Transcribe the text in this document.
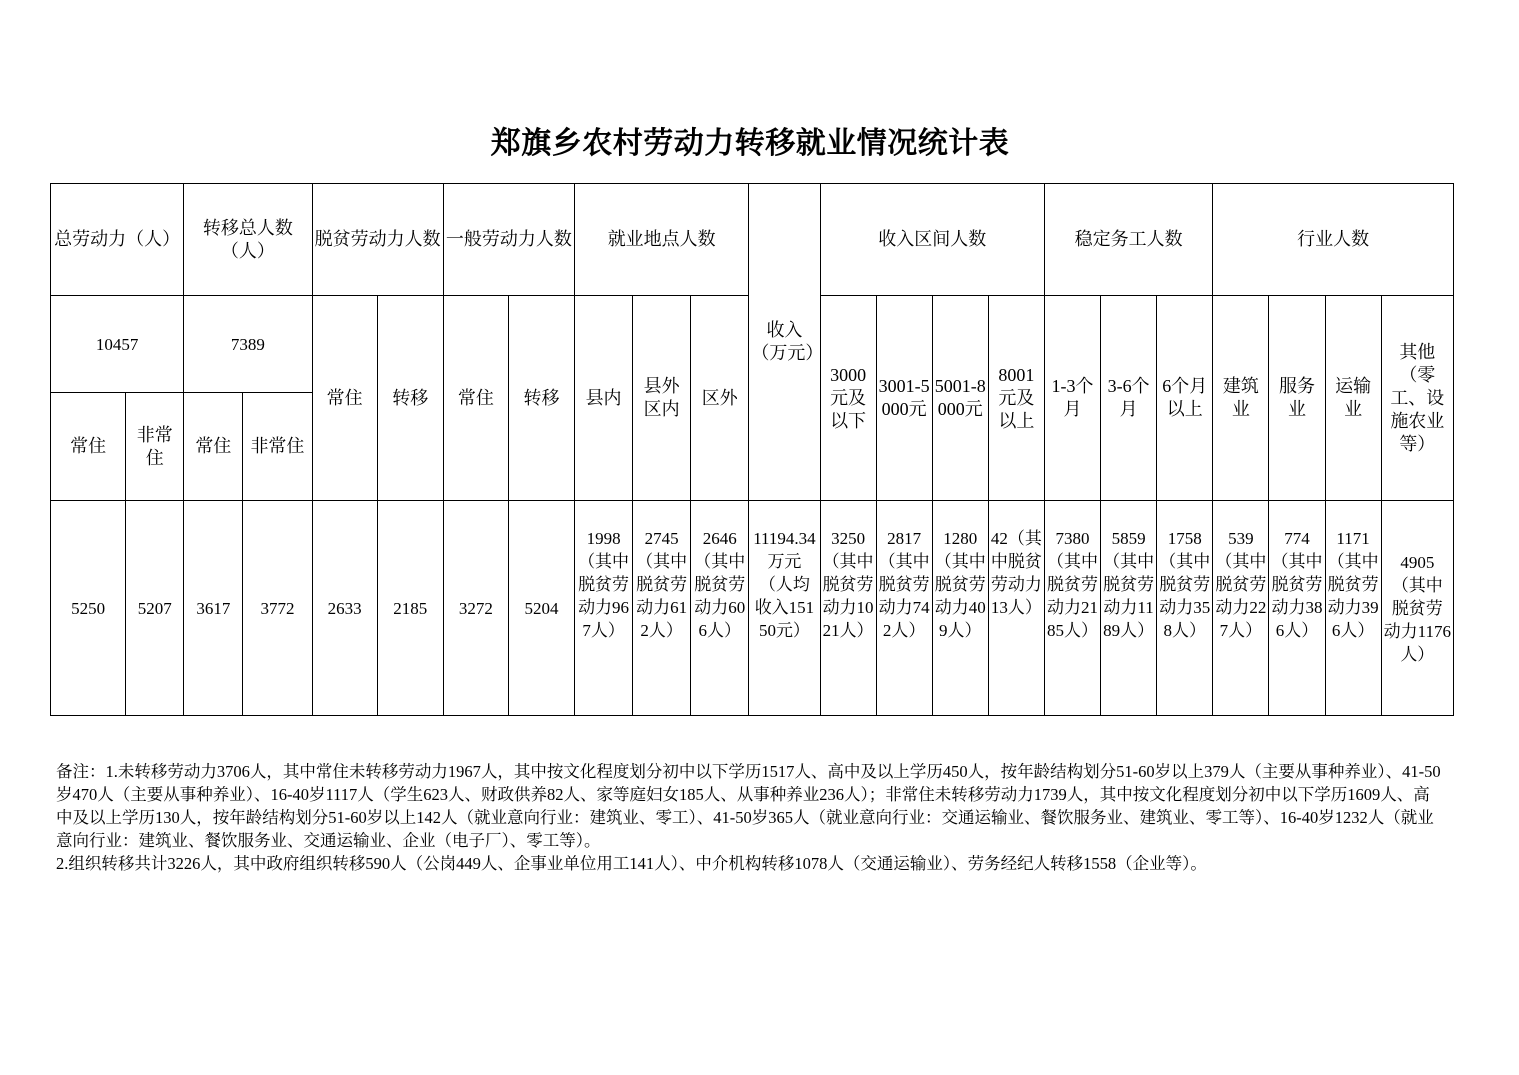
郑旗乡农村劳动力转移就业情况统计表
总劳动力（人）		转移总人数（人）		脱贫劳动力人数		一般劳动力人数		就业地点人数			收入（万元）	收入区间人数				稳定务工人数			行业人数			
10457		7389		常住	转移	常住	转移	县内	县外区内	区外		3000元及以下	3001-5000元	5001-8000元	8001元及以上	1-3个月	3-6个月	6个月以上	建筑业	服务业	运输业	其他（零工、设施农业等）
常住	非常住	常住	非常住																			
5250	5207	3617	3772	2633	2185	3272	5204	1998（其中脱贫劳动力967人）	2745（其中脱贫劳动力612人）	2646（其中脱贫劳动力606人）	11194.34万元（人均收入15150元）	3250（其中脱贫劳动力1021人）	2817（其中脱贫劳动力742人）	1280（其中脱贫劳动力409人）	42（其中脱贫劳动力13人）	7380（其中脱贫劳动力2185人）	5859（其中脱贫劳动力1189人）	1758（其中脱贫劳动力358人）	539（其中脱贫劳动力227人）	774（其中脱贫劳动力386人）	1171（其中脱贫劳动力396人）	4905（其中脱贫劳动力1176人）

备注：1.未转移劳动力3706人，其中常住未转移劳动力1967人，其中按文化程度划分初中以下学历1517人、高中及以上学历450人，按年龄结构划分51-60岁以上379人（主要从事种养业）、41-50岁470人（主要从事种养业）、16-40岁1117人（学生623人、财政供养82人、家等庭妇女185人、从事种养业236人）；非常住未转移劳动力1739人，其中按文化程度划分初中以下学历1609人、高中及以上学历130人，按年龄结构划分51-60岁以上142人（就业意向行业：建筑业、零工）、41-50岁365人（就业意向行业：交通运输业、餐饮服务业、建筑业、零工等）、16-40岁1232人（就业意向行业：建筑业、餐饮服务业、交通运输业、企业（电子厂）、零工等）。

2.组织转移共计3226人，其中政府组织转移590人（公岗449人、企事业单位用工141人）、中介机构转移1078人（交通运输业）、劳务经纪人转移1558（企业等）。
